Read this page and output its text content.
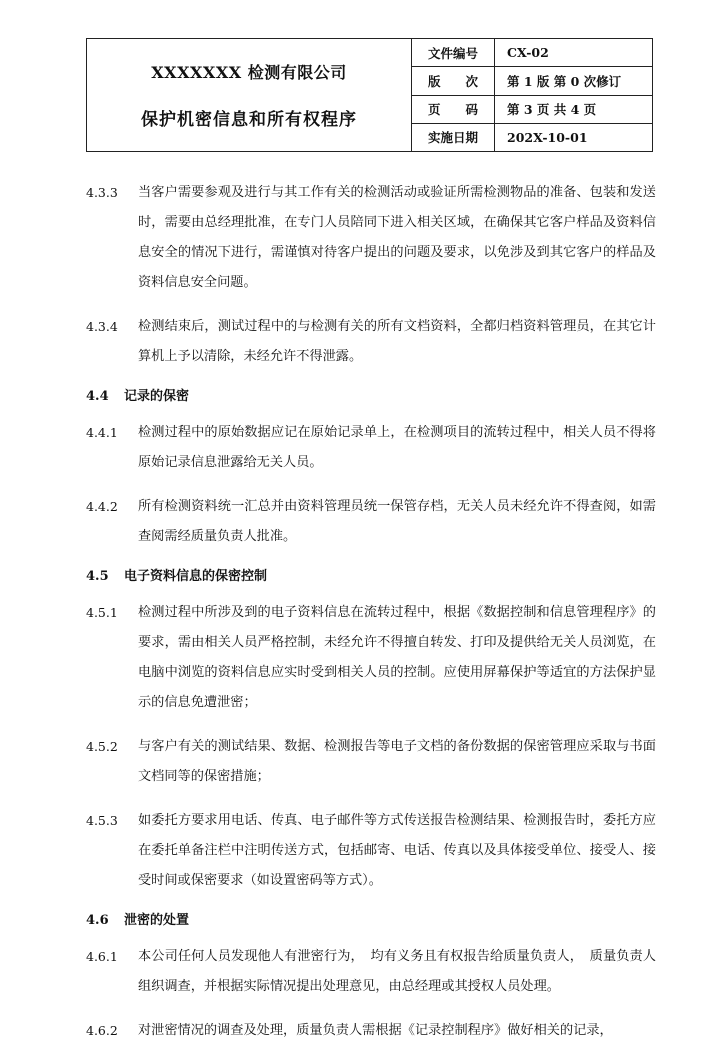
XXXXXXX 检测有限公司
保护机密信息和所有权程序
文件编号	CX-02
版　　次	第 1 版 第 0 次修订
页　　码	第 3 页 共 4 页
实施日期	202X-10-01
4.3.3	当客户需要参观及进行与其工作有关的检测活动或验证所需检测物品的准备、包装和发送时，需要由总经理批准，在专门人员陪同下进入相关区域，在确保其它客户样品及资料信息安全的情况下进行，需谨慎对待客户提出的问题及要求，以免涉及到其它客户的样品及资料信息安全问题。
4.3.4	检测结束后，测试过程中的与检测有关的所有文档资料，全都归档资料管理员，在其它计算机上予以清除，未经允许不得泄露。
4.4	记录的保密
4.4.1	检测过程中的原始数据应记在原始记录单上，在检测项目的流转过程中，相关人员不得将原始记录信息泄露给无关人员。
4.4.2	所有检测资料统一汇总并由资料管理员统一保管存档，无关人员未经允许不得查阅，如需查阅需经质量负责人批准。
4.5	电子资料信息的保密控制
4.5.1	检测过程中所涉及到的电子资料信息在流转过程中，根据《数据控制和信息管理程序》的要求，需由相关人员严格控制，未经允许不得擅自转发、打印及提供给无关人员浏览，在电脑中浏览的资料信息应实时受到相关人员的控制。应使用屏幕保护等适宜的方法保护显示的信息免遭泄密；
4.5.2	与客户有关的测试结果、数据、检测报告等电子文档的备份数据的保密管理应采取与书面文档同等的保密措施；
4.5.3	如委托方要求用电话、传真、电子邮件等方式传送报告检测结果、检测报告时，委托方应在委托单备注栏中注明传送方式，包括邮寄、电话、传真以及具体接受单位、接受人、接受时间或保密要求（如设置密码等方式）。
4.6	泄密的处置
4.6.1	本公司任何人员发现他人有泄密行为，　均有义务且有权报告给质量负责人，　质量负责人组织调查，并根据实际情况提出处理意见，由总经理或其授权人员处理。
4.6.2	对泄密情况的调查及处理，质量负责人需根据《记录控制程序》做好相关的记录，
